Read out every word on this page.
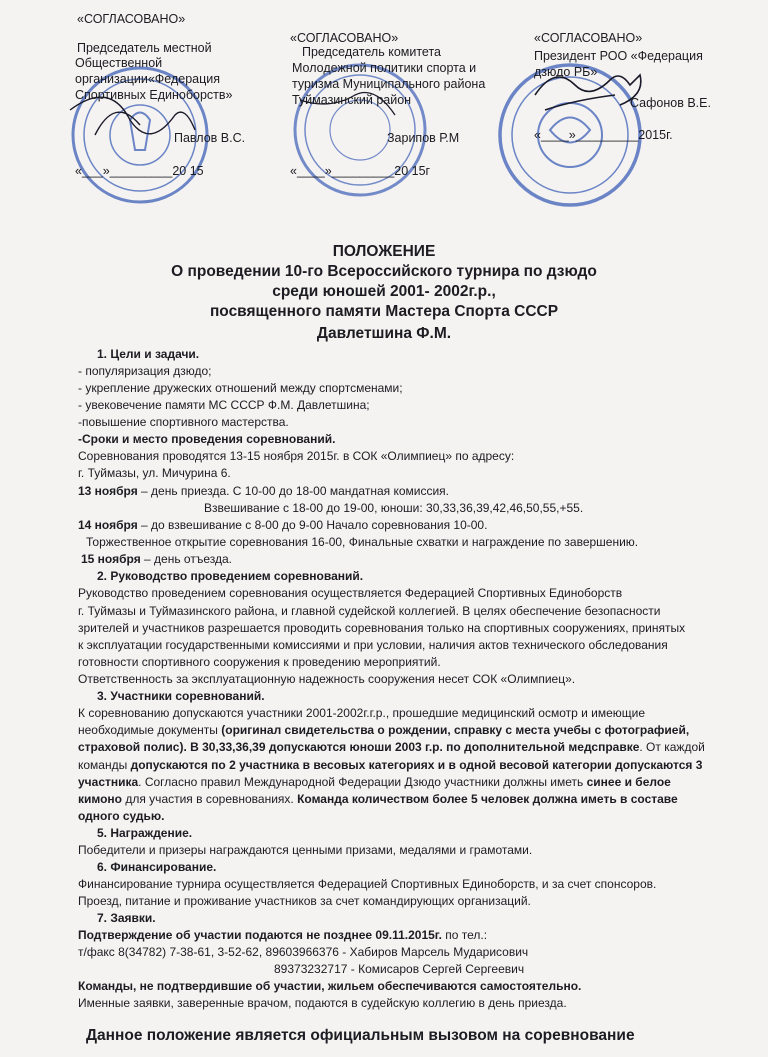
«СОГЛАСОВАНО»
Председатель местной
Общественной
организации«Федерация
Спортивных Единоборств»
Павлов В.С.
«___»_________20 15
«СОГЛАСОВАНО»
Председатель комитета
Молодежной политики спорта и
туризма Муниципального района
Туймазинский район
Зарипов Р.М
«____»_________20 15г
«СОГЛАСОВАНО»
Президент РОО «Федерация
дзюдо РБ»
Сафонов В.Е.
«____»_________2015г.
ПОЛОЖЕНИЕ
О проведении 10-го Всероссийского турнира по дзюдо
среди юношей 2001- 2002г.р.,
посвященного памяти Мастера Спорта СССР
Давлетшина Ф.М.
1. Цели и задачи.
- популяризация дзюдо;
- укрепление дружеских отношений между спортсменами;
- увековечение памяти МС СССР Ф.М. Давлетшина;
-повышение спортивного мастерства.
-Сроки и место проведения соревнований.
Соревнования проводятся 13-15 ноября 2015г. в СОК «Олимпиец» по адресу:
г. Туймазы, ул. Мичурина 6.
13 ноября – день приезда. С 10-00 до 18-00 мандатная комиссия.
Взвешивание с 18-00 до 19-00, юноши: 30,33,36,39,42,46,50,55,+55.
14 ноября – до взвешивание с 8-00 до 9-00 Начало соревнования 10-00.
Торжественное открытие соревнования 16-00, Финальные схватки и награждение по завершению.
15 ноября – день отъезда.
2. Руководство проведением соревнований.
Руководство проведением соревнования осуществляется Федерацией Спортивных Единоборств
г. Туймазы и Туймазинского района, и главной судейской коллегией. В целях обеспечение безопасности
зрителей и участников разрешается проводить соревнования только на спортивных сооружениях, принятых
к эксплуатации государственными комиссиями и при условии, наличия актов технического обследования
готовности спортивного сооружения к проведению мероприятий.
Ответственность за эксплуатационную надежность сооружения несет СОК «Олимпиец».
3. Участники соревнований.
К соревнованию допускаются участники 2001-2002г.г.р., прошедшие медицинский осмотр и имеющие
необходимые документы (оригинал свидетельства о рождении, справку с места учебы с фотографией,
страховой полис). В 30,33,36,39 допускаются юноши 2003 г.р. по дополнительной медсправке. От каждой
команды допускаются по 2 участника в весовых категориях и в одной весовой категории допускаются 3
участника. Согласно правил Международной Федерации Дзюдо участники должны иметь синее и белое
кимоно для участия в соревнованиях. Команда количеством более 5 человек должна иметь в составе
одного судью.
5. Награждение.
Победители и призеры награждаются ценными призами, медалями и грамотами.
6. Финансирование.
Финансирование турнира осуществляется Федерацией Спортивных Единоборств, и за счет спонсоров.
Проезд, питание и проживание участников за счет командирующих организаций.
7. Заявки.
Подтверждение об участии подаются не позднее 09.11.2015г. по тел.:
т/факс 8(34782) 7-38-61, 3-52-62, 89603966376 - Хабиров Марсель Мударисович
89373232717 - Комисаров Сергей Сергеевич
Команды, не подтвердившие об участии, жильем обеспечиваются самостоятельно.
Именные заявки, заверенные врачом, подаются в судейскую коллегию в день приезда.
Данное положение является официальным вызовом на соревнование
